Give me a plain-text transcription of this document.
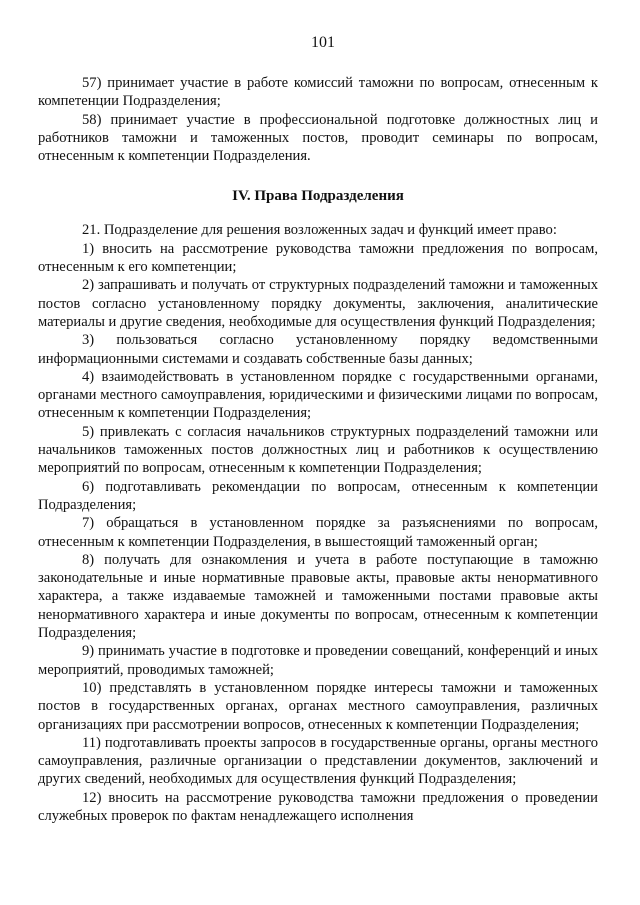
101

57) принимает участие в работе комиссий таможни по вопросам, отнесенным к компетенции Подразделения;

58) принимает участие в профессиональной подготовке должностных лиц и работников таможни и таможенных постов, проводит семинары по вопросам, отнесенным к компетенции Подразделения.

IV. Права Подразделения

21. Подразделение для решения возложенных задач и функций имеет право:

1) вносить на рассмотрение руководства таможни предложения по вопросам, отнесенным к его компетенции;

2) запрашивать и получать от структурных подразделений таможни и таможенных постов согласно установленному порядку документы, заключения, аналитические материалы и другие сведения, необходимые для осуществления функций Подразделения;

3) пользоваться согласно установленному порядку ведомственными информационными системами и создавать собственные базы данных;

4) взаимодействовать в установленном порядке с государственными органами, органами местного самоуправления, юридическими и физическими лицами по вопросам, отнесенным к компетенции Подразделения;

5) привлекать с согласия начальников структурных подразделений таможни или начальников таможенных постов должностных лиц и работников к осуществлению мероприятий по вопросам, отнесенным к компетенции Подразделения;

6) подготавливать рекомендации по вопросам, отнесенным к компетенции Подразделения;

7) обращаться в установленном порядке за разъяснениями по вопросам, отнесенным к компетенции Подразделения, в вышестоящий таможенный орган;

8) получать для ознакомления и учета в работе поступающие в таможню законодательные и иные нормативные правовые акты, правовые акты ненормативного характера, а также издаваемые таможней и таможенными постами правовые акты ненормативного характера и иные документы по вопросам, отнесенным к компетенции Подразделения;

9) принимать участие в подготовке и проведении совещаний, конференций и иных мероприятий, проводимых таможней;

10) представлять в установленном порядке интересы таможни и таможенных постов в государственных органах, органах местного самоуправления, различных организациях при рассмотрении вопросов, отнесенных к компетенции Подразделения;

11) подготавливать проекты запросов в государственные органы, органы местного самоуправления, различные организации о представлении документов, заключений и других сведений, необходимых для осуществления функций Подразделения;

12) вносить на рассмотрение руководства таможни предложения о проведении служебных проверок по фактам ненадлежащего исполнения
